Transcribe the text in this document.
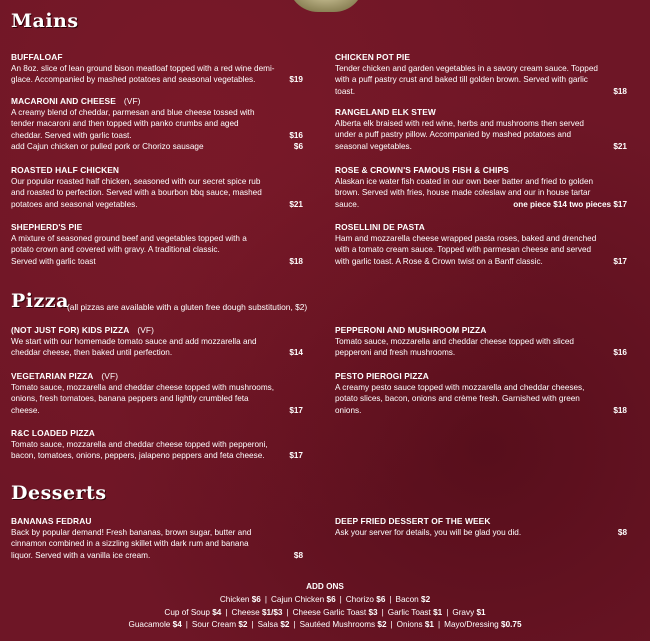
Mains
Pizza
(all pizzas are available with a gluten free dough substitution, $2)
Desserts
BUFFALOAF
An 8oz. slice of lean ground bison meatloaf topped with a red wine demi-
glace. Accompanied by mashed potatoes and seasonal vegetables.	$19
MACARONI AND CHEESE (VF)
A creamy blend of cheddar, parmesan and blue cheese tossed with
tender macaroni and then topped with panko crumbs and aged
cheddar. Served with garlic toast.	$16
add Cajun chicken or pulled pork or Chorizo sausage	$6
ROASTED HALF CHICKEN
Our popular roasted half chicken, seasoned with our secret spice rub
and roasted to perfection. Served with a bourbon bbq sauce, mashed
potatoes and seasonal vegetables.	$21
SHEPHERD'S PIE
A mixture of seasoned ground beef and vegetables topped with a
potato crown and covered with gravy. A traditional classic.
Served with garlic toast	$18
CHICKEN POT PIE
Tender chicken and garden vegetables in a savory cream sauce. Topped
with a puff pastry crust and baked till golden brown. Served with garlic
toast.	$18
RANGELAND ELK STEW
Alberta elk braised with red wine, herbs and mushrooms then served
under a puff pastry pillow. Accompanied by mashed potatoes and
seasonal vegetables.	$21
ROSE & CROWN'S FAMOUS FISH & CHIPS
Alaskan ice water fish coated in our own beer batter and fried to golden
brown. Served with fries, house made coleslaw and our in house tartar
sauce.	one piece $14 two pieces $17
ROSELLINI DE PASTA
Ham and mozzarella cheese wrapped pasta roses, baked and drenched
with a tomato cream sauce. Topped with parmesan cheese and served
with garlic toast. A Rose & Crown twist on a Banff classic.	$17
(NOT JUST FOR) KIDS PIZZA (VF)
We start with our homemade tomato sauce and add mozzarella and
cheddar cheese, then baked until perfection.	$14
VEGETARIAN PIZZA (VF)
Tomato sauce, mozzarella and cheddar cheese topped with mushrooms,
onions, fresh tomatoes, banana peppers and lightly crumbled feta
cheese.	$17
R&C LOADED PIZZA
Tomato sauce, mozzarella and cheddar cheese topped with pepperoni,
bacon, tomatoes, onions, peppers, jalapeno peppers and feta cheese.	$17
PEPPERONI AND MUSHROOM PIZZA
Tomato sauce, mozzarella and cheddar cheese topped with sliced
pepperoni and fresh mushrooms.	$16
PESTO PIEROGI PIZZA
A creamy pesto sauce topped with mozzarella and cheddar cheeses,
potato slices, bacon, onions and crème fresh. Garnished with green
onions.	$18
BANANAS FEDRAU
Back by popular demand! Fresh bananas, brown sugar, butter and
cinnamon combined in a sizzling skillet with dark rum and banana
liquor. Served with a vanilla ice cream.	$8
DEEP FRIED DESSERT OF THE WEEK
Ask your server for details, you will be glad you did.	$8
ADD ONS
Chicken $6 | Cajun Chicken $6 | Chorizo $6 | Bacon $2
Cup of Soup $4 | Cheese $1/$3 | Cheese Garlic Toast $3 | Garlic Toast $1 | Gravy $1
Guacamole $4 | Sour Cream $2 | Salsa $2 | Sautéed Mushrooms $2 | Onions $1 | Mayo/Dressing $0.75
